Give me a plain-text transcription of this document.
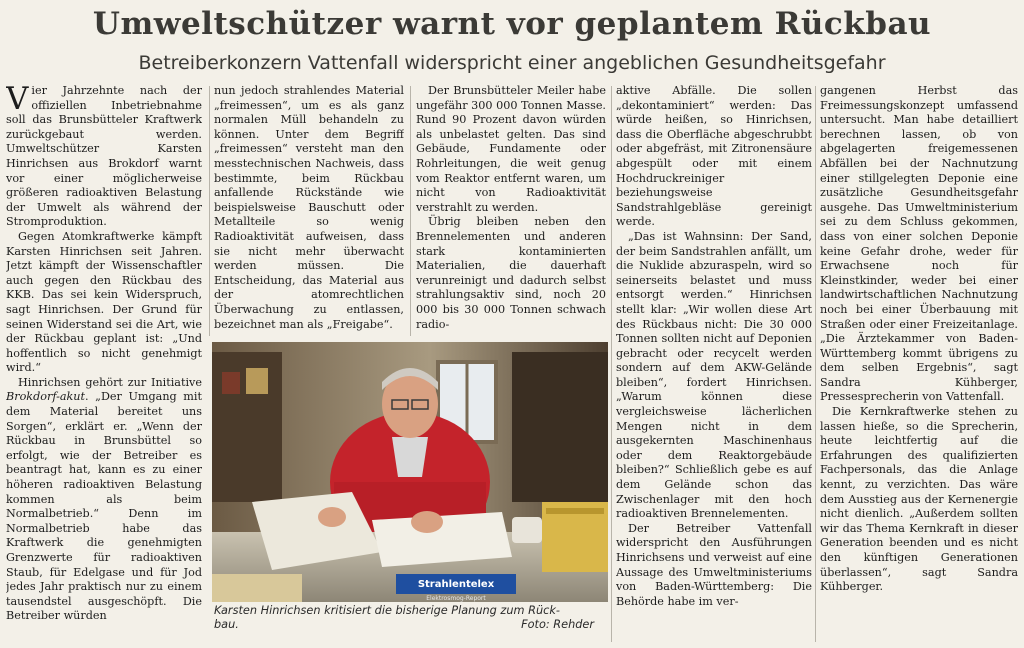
Umweltschützer warnt vor geplantem Rückbau
Betreiberkonzern Vattenfall widerspricht einer angeblichen Gesundheitsgefahr

Vier Jahrzehnte nach der offiziellen Inbetriebnahme soll das Brunsbütteler Kraftwerk zurückgebaut werden. Umweltschützer Karsten Hinrichsen aus Brokdorf warnt vor einer möglicherweise größeren radioaktiven Belastung der Umwelt als während der Stromproduktion.

Gegen Atomkraftwerke kämpft Karsten Hinrichsen seit Jahren. Jetzt kämpft der Wissenschaftler auch gegen den Rückbau des KKB. Das sei kein Widerspruch, sagt Hinrichsen. Der Grund für seinen Widerstand sei die Art, wie der Rückbau geplant ist: „Und hoffentlich so nicht genehmigt wird.“

Hinrichsen gehört zur Initiative Brokdorf-akut. „Der Umgang mit dem Material bereitet uns Sorgen“, erklärt er. „Wenn der Rückbau in Brunsbüttel so erfolgt, wie der Betreiber es beantragt hat, kann es zu einer höheren radioaktiven Belastung kommen als beim Normalbetrieb.“ Denn im Normalbetrieb habe das Kraftwerk die genehmigten Grenzwerte für radioaktiven Staub, für Edelgase und für Jod jedes Jahr praktisch nur zu einem tausendstel ausgeschöpft. Die Betreiber würden

nun jedoch strahlendes Material „freimessen“, um es als ganz normalen Müll behandeln zu können. Unter dem Begriff „freimessen“ versteht man den messtechnischen Nachweis, dass bestimmte, beim Rückbau anfallende Rückstände wie beispielsweise Bauschutt oder Metallteile so wenig Radioaktivität aufweisen, dass sie nicht mehr überwacht werden müssen. Die Entscheidung, das Material aus der atomrechtlichen Überwachung zu entlassen, bezeichnet man als „Freigabe“.

Der Brunsbütteler Meiler habe ungefähr 300 000 Tonnen Masse. Rund 90 Prozent davon würden als unbelastet gelten. Das sind Gebäude, Fundamente oder Rohrleitungen, die weit genug vom Reaktor entfernt waren, um nicht von Radioaktivität verstrahlt zu werden.

Übrig bleiben neben den Brennelementen und anderen stark kontaminierten Materialien, die dauerhaft verunreinigt und dadurch selbst strahlungsaktiv sind, noch 20 000 bis 30 000 Tonnen schwach radio-

aktive Abfälle. Die sollen „dekontaminiert“ werden: Das würde heißen, so Hinrichsen, dass die Oberfläche abgeschrubbt oder abgefräst, mit Zitronensäure abgespült oder mit einem Hochdruckreiniger beziehungsweise Sandstrahlgebläse gereinigt werde.

„Das ist Wahnsinn: Der Sand, der beim Sandstrahlen anfällt, um die Nuklide abzuraspeln, wird so seinerseits belastet und muss entsorgt werden.“ Hinrichsen stellt klar: „Wir wollen diese Art des Rückbaus nicht: Die 30 000 Tonnen sollten nicht auf Deponien gebracht oder recycelt werden sondern auf dem AKW-Gelände bleiben“, fordert Hinrichsen. „Warum können diese vergleichsweise lächerlichen Mengen nicht in dem ausgekernten Maschinenhaus oder dem Reaktorgebäude bleiben?“ Schließlich gebe es auf dem Gelände schon das Zwischenlager mit den hoch radioaktiven Brennelementen.

Der Betreiber Vattenfall widerspricht den Ausführungen Hinrichsens und verweist auf eine Aussage des Umweltministeriums von Baden-Württemberg: Die Behörde habe im ver-

gangenen Herbst das Freimessungskonzept umfassend untersucht. Man habe detailliert berechnen lassen, ob von abgelagerten freigemessenen Abfällen bei der Nachnutzung einer stillgelegten Deponie eine zusätzliche Gesundheitsgefahr ausgehe. Das Umweltministerium sei zu dem Schluss gekommen, dass von einer solchen Deponie keine Gefahr drohe, weder für Erwachsene noch für Kleinstkinder, weder bei einer landwirtschaftlichen Nachnutzung noch bei einer Überbauung mit Straßen oder einer Freizeitanlage. „Die Ärztekammer von Baden-Württemberg kommt übrigens zu dem selben Ergebnis“, sagt Sandra Kühberger, Pressesprecherin von Vattenfall.

Die Kernkraftwerke stehen zu lassen hieße, so die Sprecherin, heute leichtfertig auf die Erfahrungen des qualifizierten Fachpersonals, das die Anlage kennt, zu verzichten. Das wäre dem Ausstieg aus der Kernenergie nicht dienlich. „Außerdem sollten wir das Thema Kernkraft in dieser Generation beenden und es nicht den künftigen Generationen überlassen“, sagt Sandra Kühberger.

Strahlentelex
Elektrosmog-Report
Karsten Hinrichsen kritisiert die bisherige Planung zum Rück-
bau.	Foto: Rehder
